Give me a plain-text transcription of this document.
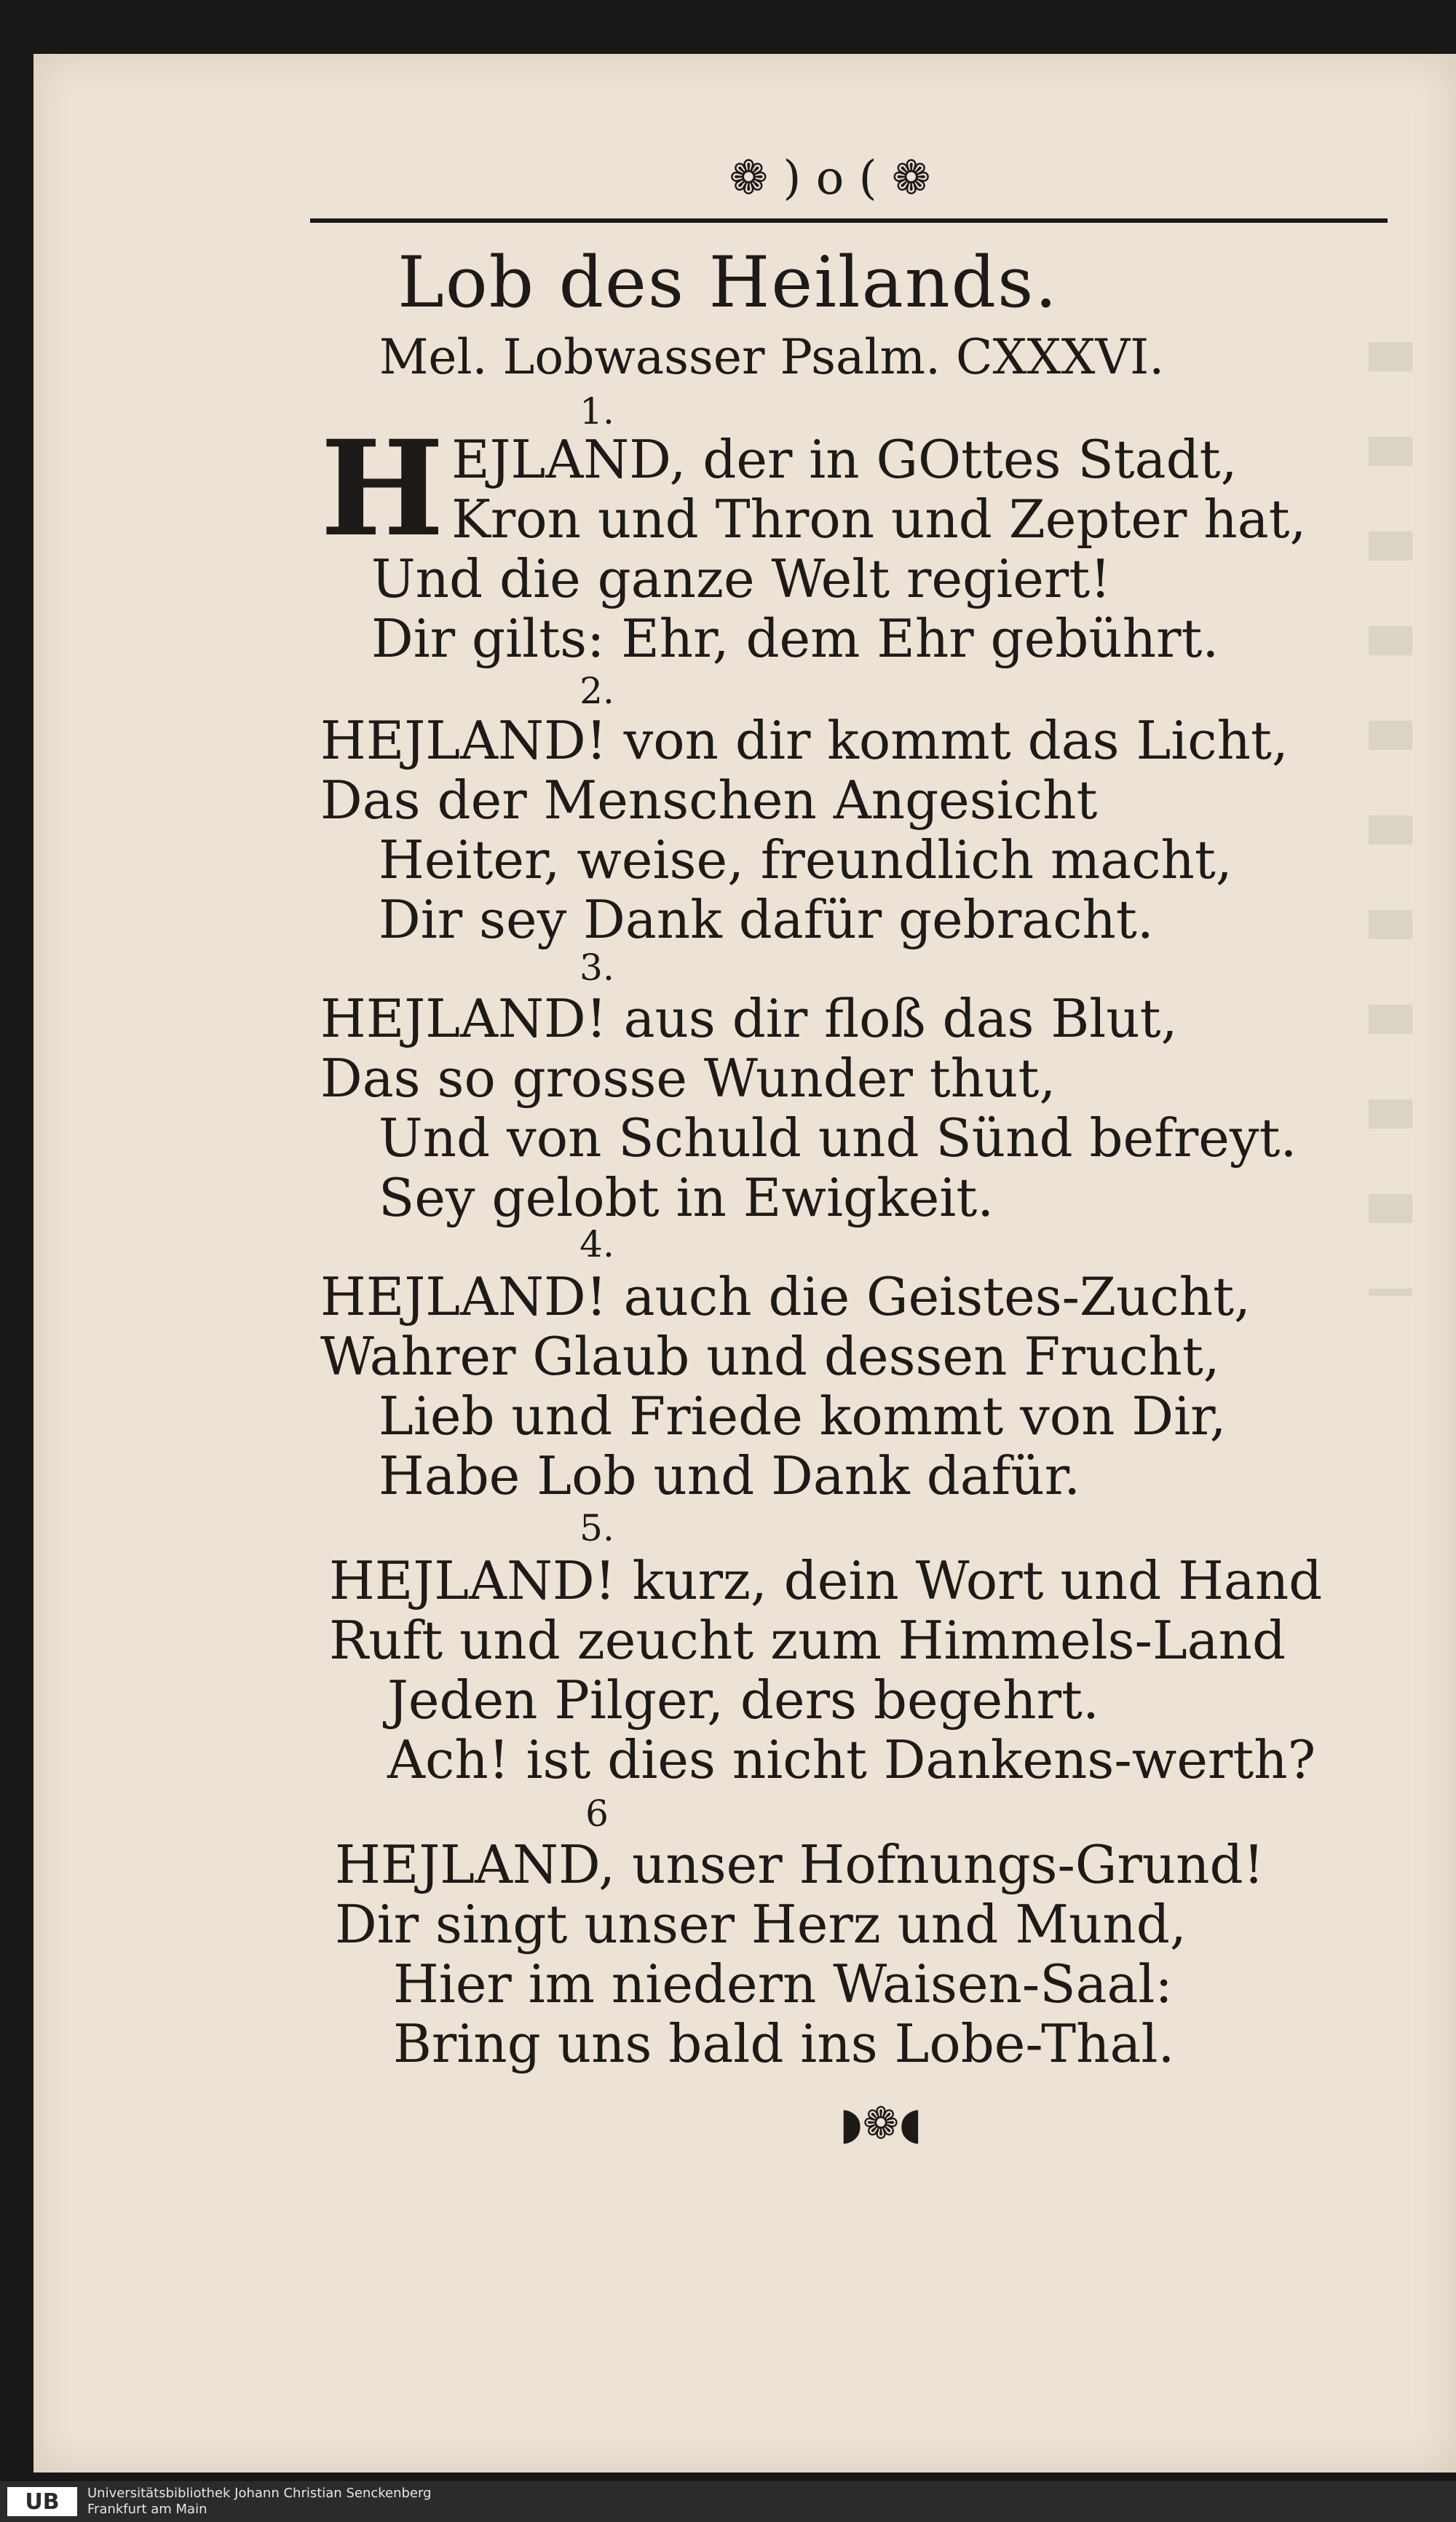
❁ ) o ( ❁
Lob des Heilands.
Mel. Lobwasser Psalm. CXXXVI.
1.
H EJLAND, der in GOttes Stadt,
Kron und Thron und Zepter hat,
Und die ganze Welt regiert!
Dir gilts: Ehr, dem Ehr gebührt.
2.
HEJLAND! von dir kommt das Licht,
Das der Menschen Angesicht
Heiter, weise, freundlich macht,
Dir sey Dank dafür gebracht.
3.
HEJLAND! aus dir floß das Blut,
Das so grosse Wunder thut,
Und von Schuld und Sünd befreyt.
Sey gelobt in Ewigkeit.
4.
HEJLAND! auch die Geistes-Zucht,
Wahrer Glaub und dessen Frucht,
Lieb und Friede kommt von Dir,
Habe Lob und Dank dafür.
5.
HEJLAND! kurz, dein Wort und Hand
Ruft und zeucht zum Himmels-Land
Jeden Pilger, ders begehrt.
Ach! ist dies nicht Dankens-werth?
6
HEJLAND, unser Hofnungs-Grund!
Dir singt unser Herz und Mund,
Hier im niedern Waisen-Saal:
Bring uns bald ins Lobe-Thal.
◗❁◖
UB	Universitätsbibliothek Johann Christian Senckenberg
Frankfurt am Main
